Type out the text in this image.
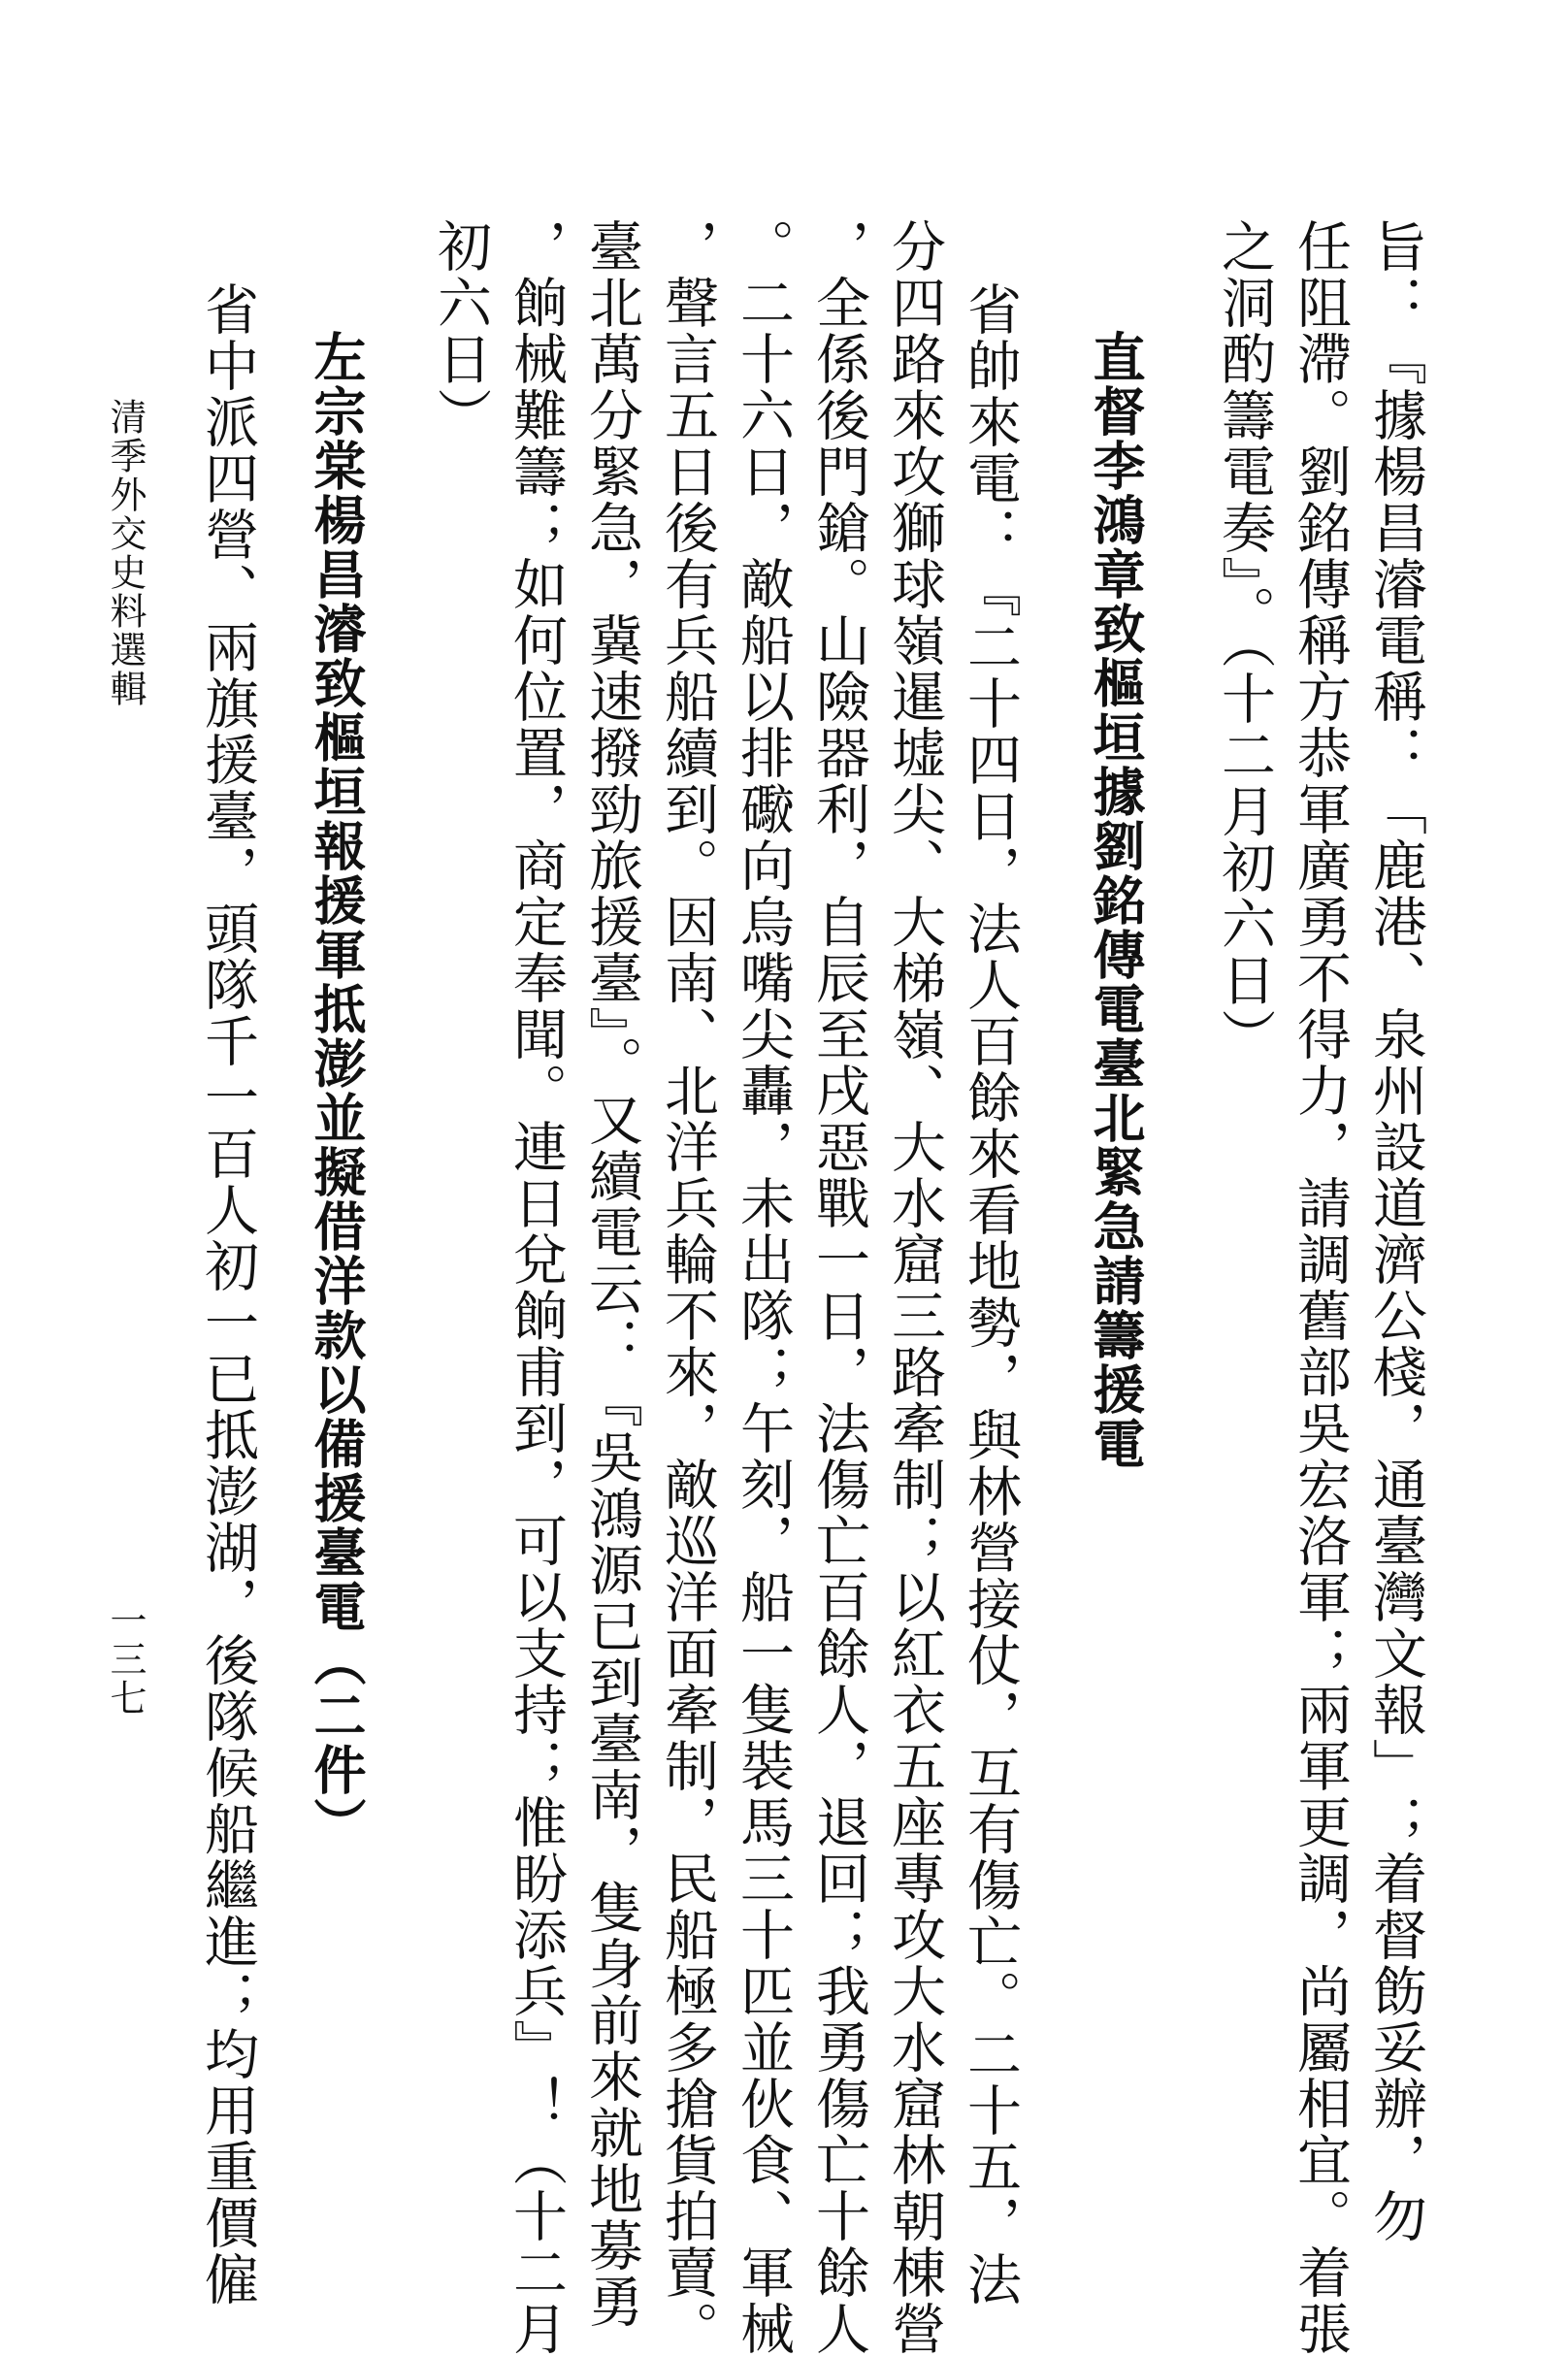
旨：『據楊昌濬電稱：「鹿港、泉州設道濟公棧，通臺灣文報」；着督飭妥辦，勿
任阻滯。劉銘傳稱方恭軍廣勇不得力，請調舊部吳宏洛軍；兩軍更調，尚屬相宜。着張
之洞酌籌電奏』。（十二月初六日）
直督李鴻章致樞垣據劉銘傳電臺北緊急請籌援電
省帥來電：『二十四日，法人百餘來看地勢，與林營接仗，互有傷亡。二十五，法
分四路來攻獅球嶺暹墟尖、大梯嶺、大水窟三路牽制；以紅衣五座專攻大水窟林朝棟營
，全係後門鎗。山險器利，自辰至戌惡戰一日，法傷亡百餘人，退回；我勇傷亡十餘人
。二十六日，敵船以排礮向烏嘴尖轟，未出隊；午刻，船一隻裝馬三十匹並伙食、軍械
，聲言五日後有兵船續到。因南、北洋兵輪不來，敵巡洋面牽制，民船極多搶貨拍賣。
臺北萬分緊急，冀速撥勁旅援臺』。又續電云：『吳鴻源已到臺南，隻身前來就地募勇
，餉械難籌；如何位置，商定奉聞。連日兌餉甫到，可以支持；惟盼添兵』！（十二月
初六日）
左宗棠楊昌濬致樞垣報援軍抵澎並擬借洋款以備援臺電（二件）
省中派四營、兩旗援臺，頭隊千一百人初一已抵澎湖，後隊候船繼進；均用重價僱
清季外交史料選輯
一三七
